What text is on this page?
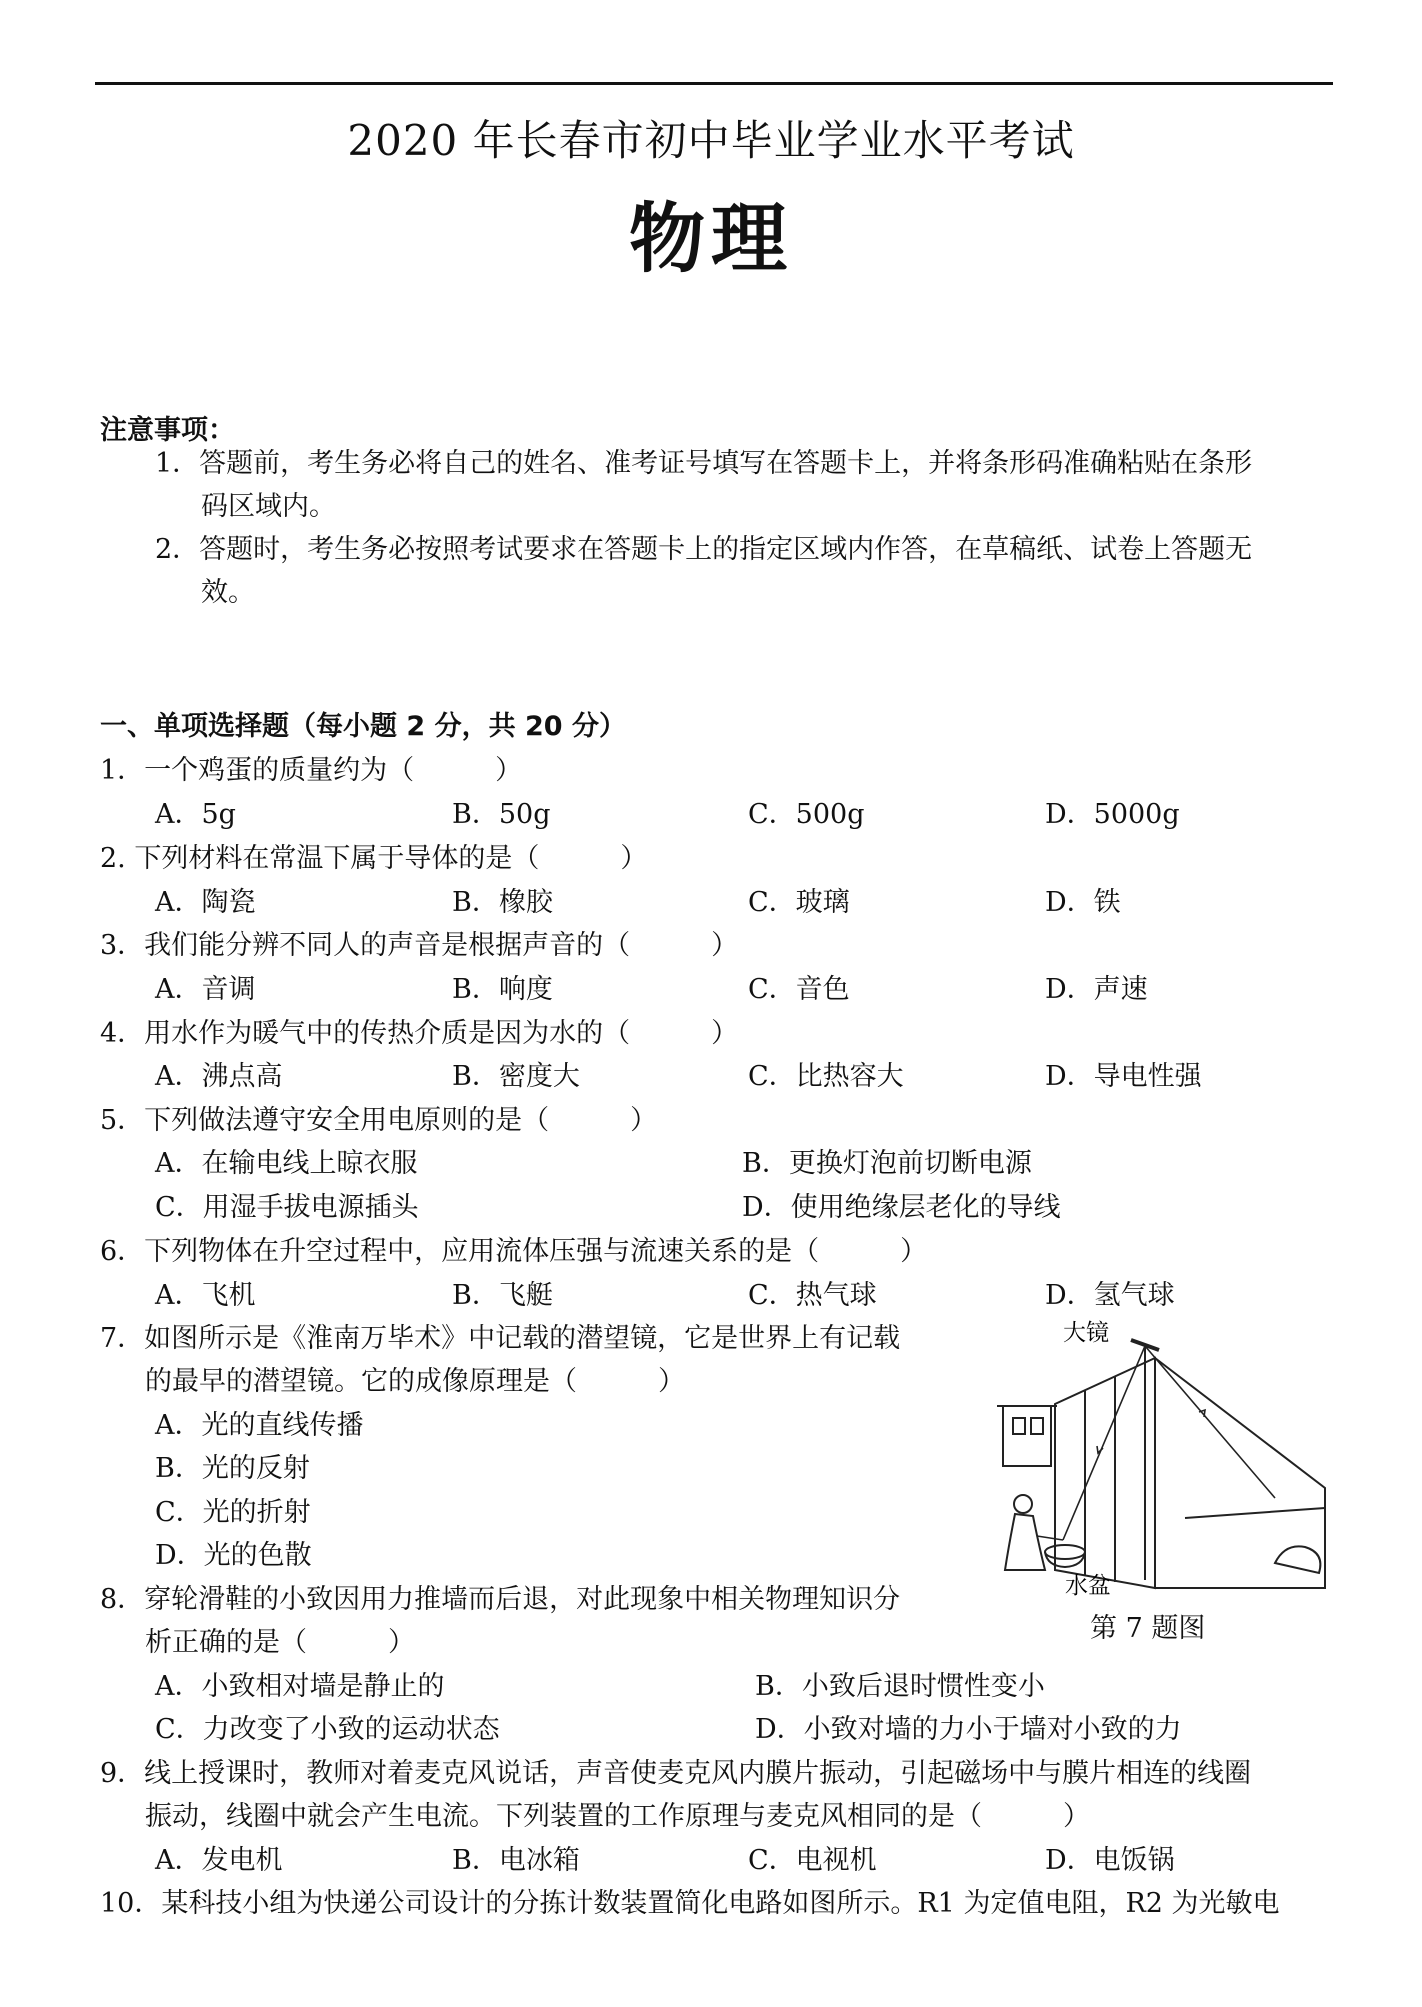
2020 年长春市初中毕业学业水平考试
物理
注意事项：
1．答题前，考生务必将自己的姓名、准考证号填写在答题卡上，并将条形码准确粘贴在条形
码区域内。
2．答题时，考生务必按照考试要求在答题卡上的指定区域内作答，在草稿纸、试卷上答题无
效。
一、单项选择题（每小题 2 分，共 20 分）
1．一个鸡蛋的质量约为（　　　）
A．5g	B．50g	C．500g	D．5000g
2. 下列材料在常温下属于导体的是（　　　）
A．陶瓷	B．橡胶	C．玻璃	D．铁
3．我们能分辨不同人的声音是根据声音的（　　　）
A．音调	B．响度	C．音色	D．声速
4．用水作为暖气中的传热介质是因为水的（　　　）
A．沸点高	B．密度大	C．比热容大	D．导电性强
5．下列做法遵守安全用电原则的是（　　　）
A．在输电线上晾衣服	B．更换灯泡前切断电源
C．用湿手拔电源插头	D．使用绝缘层老化的导线
6．下列物体在升空过程中，应用流体压强与流速关系的是（　　　）
A．飞机	B．飞艇	C．热气球	D．氢气球
7．如图所示是《淮南万毕术》中记载的潜望镜，它是世界上有记载
的最早的潜望镜。它的成像原理是（　　　）
A．光的直线传播
B．光的反射
C．光的折射
D．光的色散
大镜
水盆
第 7 题图
8．穿轮滑鞋的小致因用力推墙而后退，对此现象中相关物理知识分
析正确的是（　　　）
A．小致相对墙是静止的	B．小致后退时惯性变小
C．力改变了小致的运动状态	D．小致对墙的力小于墙对小致的力
9．线上授课时，教师对着麦克风说话，声音使麦克风内膜片振动，引起磁场中与膜片相连的线圈
振动，线圈中就会产生电流。下列装置的工作原理与麦克风相同的是（　　　）
A．发电机	B．电冰箱	C．电视机	D．电饭锅
10．某科技小组为快递公司设计的分拣计数装置简化电路如图所示。R1 为定值电阻，R2 为光敏电
